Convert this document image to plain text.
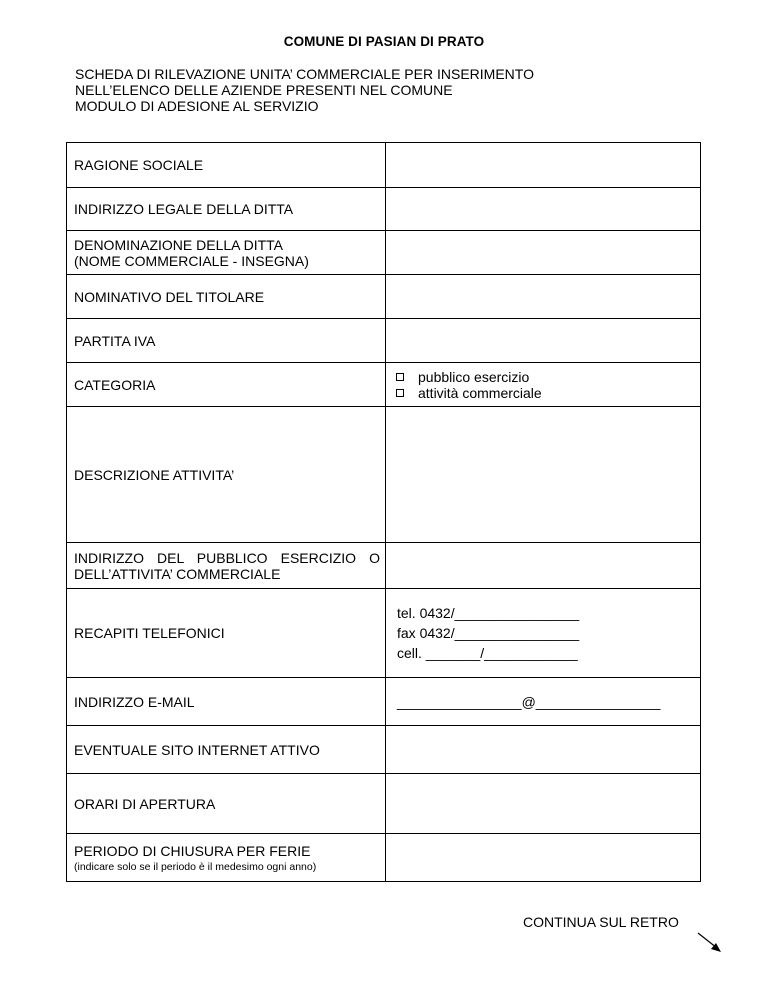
COMUNE DI PASIAN DI PRATO
SCHEDA DI RILEVAZIONE UNITA’ COMMERCIALE PER INSERIMENTO
NELL’ELENCO DELLE AZIENDE PRESENTI NEL COMUNE
MODULO DI ADESIONE AL SERVIZIO
RAGIONE SOCIALE	
INDIRIZZO LEGALE DELLA DITTA	

DENOMINAZIONE DELLA DITTA
(NOME COMMERCIALE - INSEGNA)	

NOMINATIVO DEL TITOLARE	
PARTITA IVA	
CATEGORIA	pubblico esercizio
attività commerciale

DESCRIZIONE ATTIVITA’	
INDIRIZZO DEL PUBBLICO ESERCIZIO O DELL’ATTIVITA’ COMMERCIALE	
RECAPITI TELEFONICI	tel. 0432/________________
fax 0432/________________
cell. _______/____________

INDIRIZZO E-MAIL	________________@________________
EVENTUALE SITO INTERNET ATTIVO	
ORARI DI APERTURA	

PERIODO DI CHIUSURA PER FERIE
(indicare solo se il periodo è il medesimo ogni anno)	

CONTINUA SUL RETRO
